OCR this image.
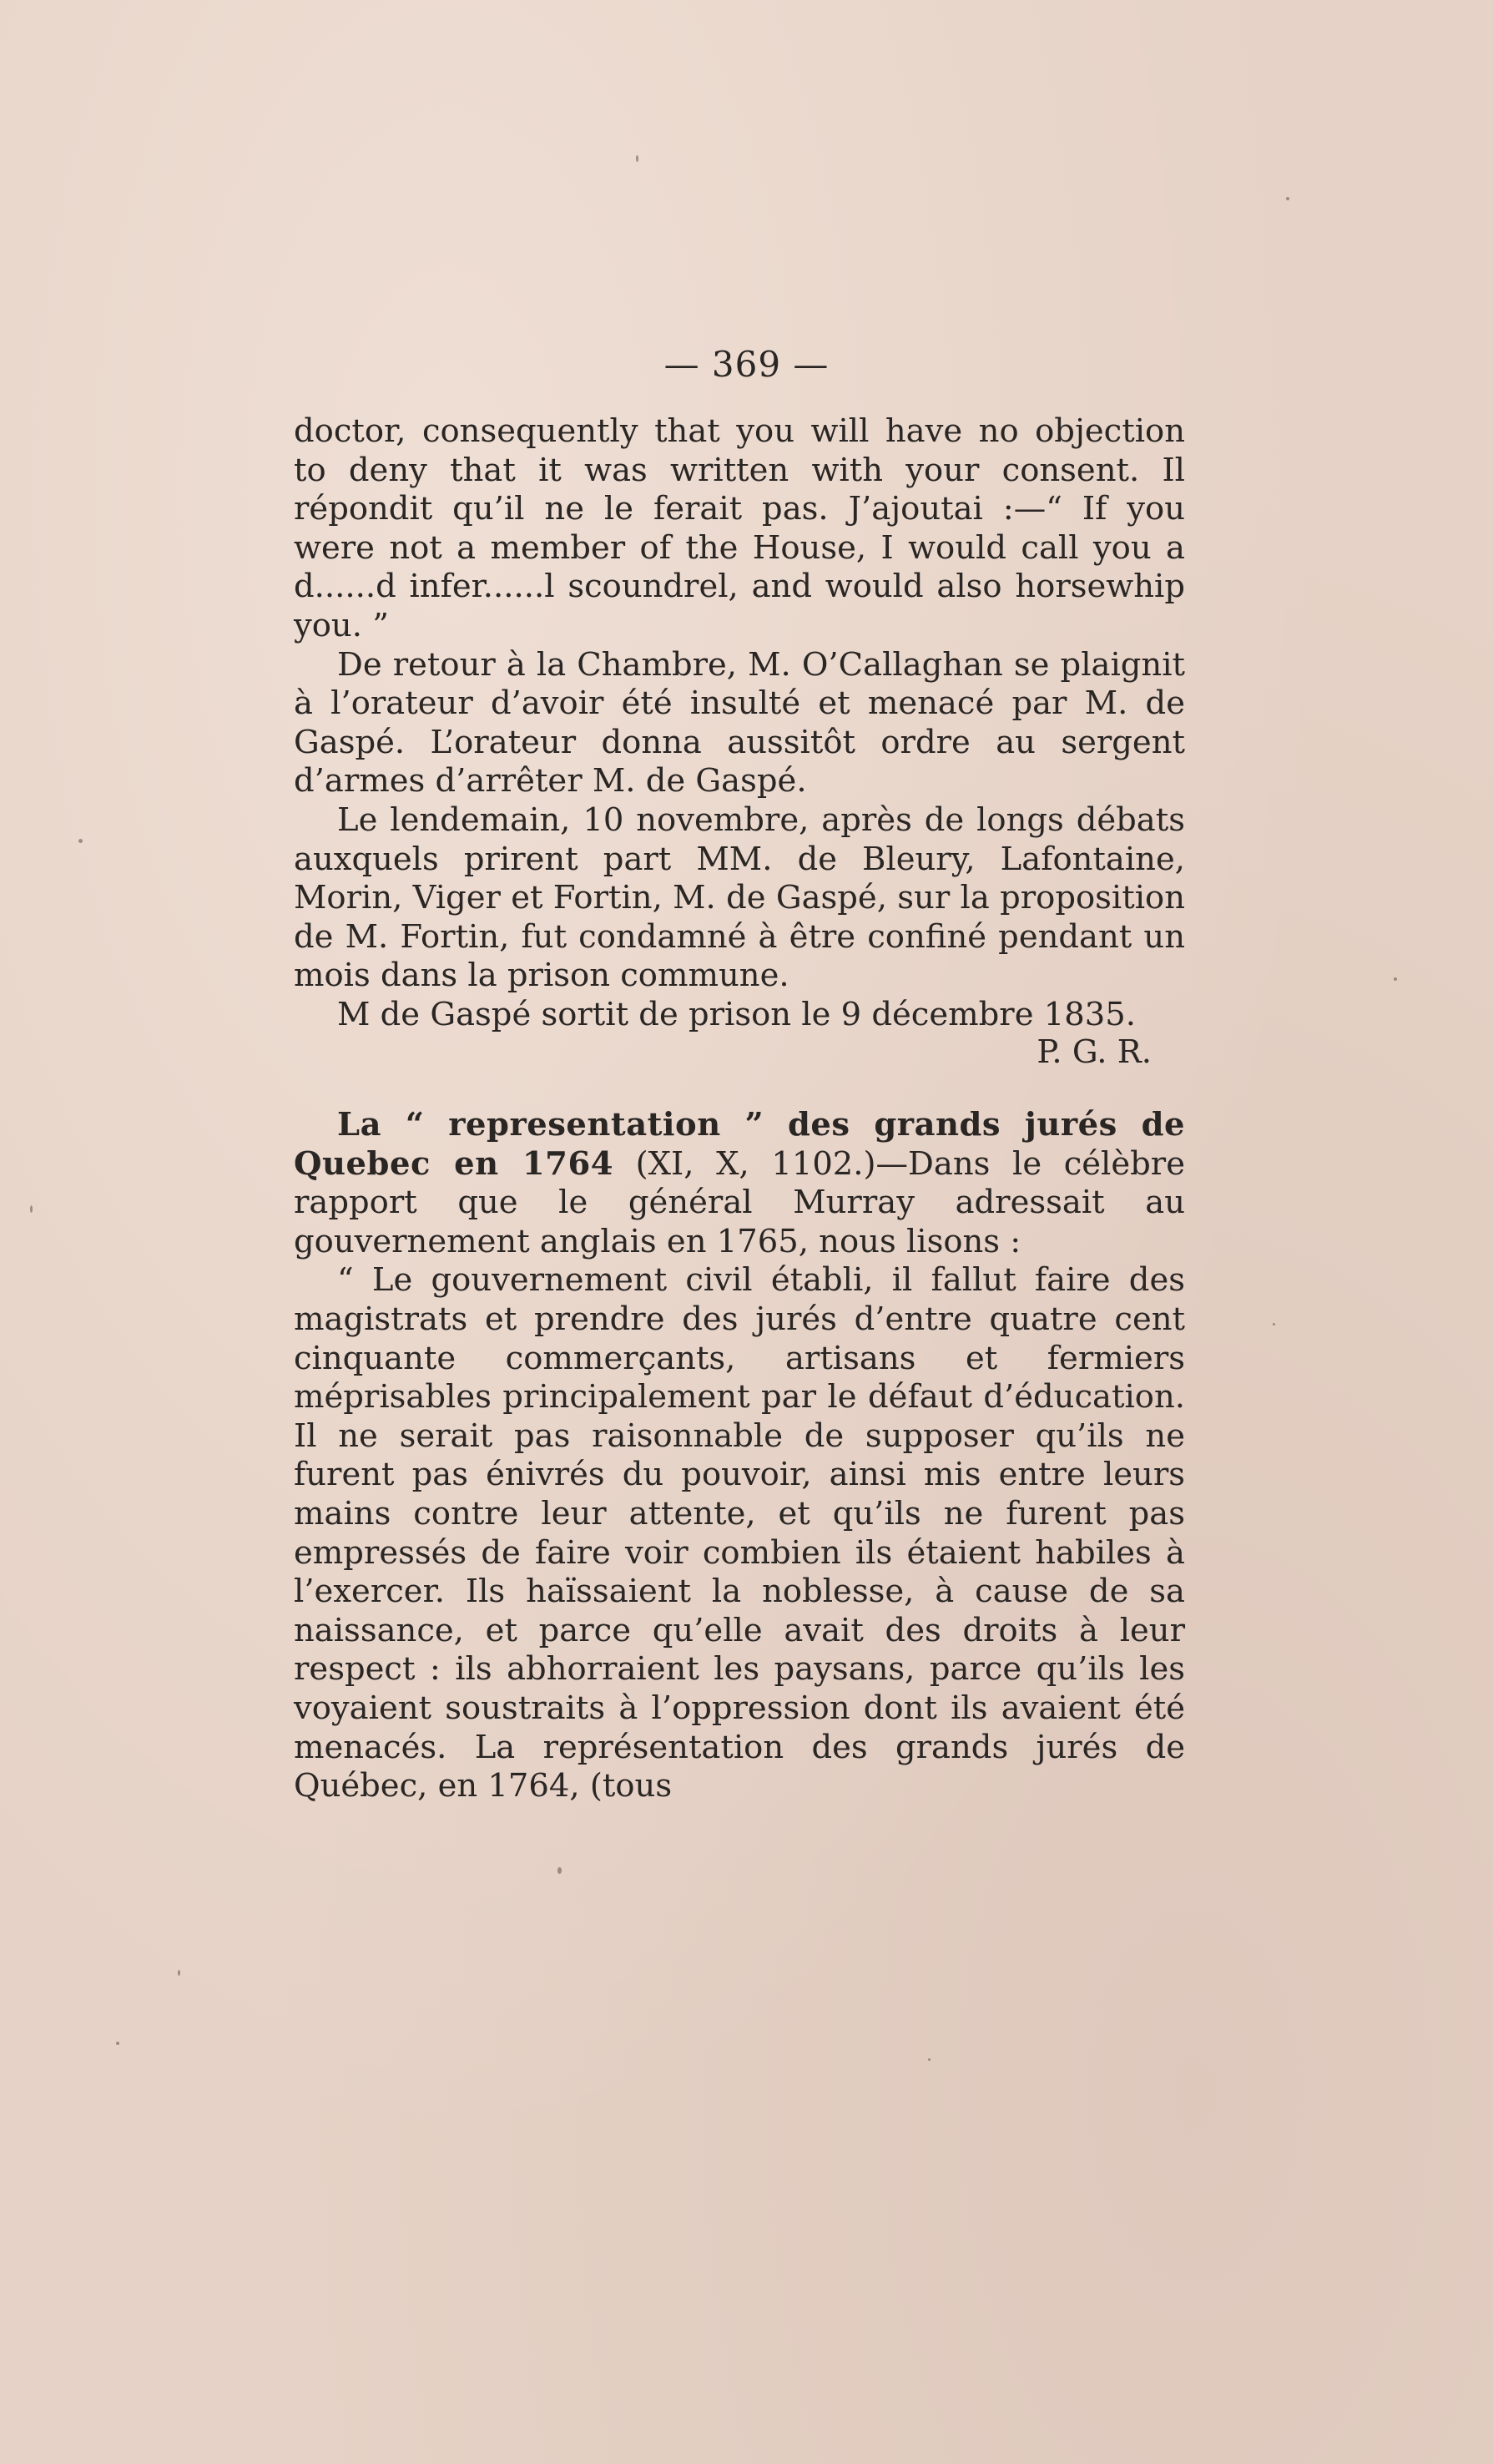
— 369 —

doctor, consequently that you will have no objection to deny that it was written with your consent. Il répondit qu’il ne le ferait pas. J’ajoutai :—“ If you were not a member of the House, I would call you a d......d infer......l scoundrel, and would also horsewhip you. ”

De retour à la Chambre, M. O’Callaghan se plaignit à l’orateur d’avoir été insulté et menacé par M. de Gaspé. L’orateur donna aussitôt ordre au sergent d’armes d’arrêter M. de Gaspé.

Le lendemain, 10 novembre, après de longs débats auxquels prirent part MM. de Bleury, Lafontaine, Morin, Viger et Fortin, M. de Gaspé, sur la proposition de M. Fortin, fut condamné à être confiné pendant un mois dans la prison commune.

M de Gaspé sortit de prison le 9 décembre 1835.

P. G. R.

La “ representation ” des grands jurés de Quebec en 1764 (XI, X, 1102.)—Dans le célèbre rapport que le général Murray adressait au gouvernement anglais en 1765, nous lisons :

“ Le gouvernement civil établi, il fallut faire des magistrats et prendre des jurés d’entre quatre cent cinquante commerçants, artisans et fermiers méprisables principalement par le défaut d’éducation. Il ne serait pas raisonnable de supposer qu’ils ne furent pas énivrés du pouvoir, ainsi mis entre leurs mains contre leur attente, et qu’ils ne furent pas empressés de faire voir combien ils étaient habiles à l’exercer. Ils haïssaient la noblesse, à cause de sa naissance, et parce qu’elle avait des droits à leur respect : ils abhorraient les paysans, parce qu’ils les voyaient soustraits à l’oppression dont ils avaient été menacés. La représentation des grands jurés de Québec, en 1764, (tous
